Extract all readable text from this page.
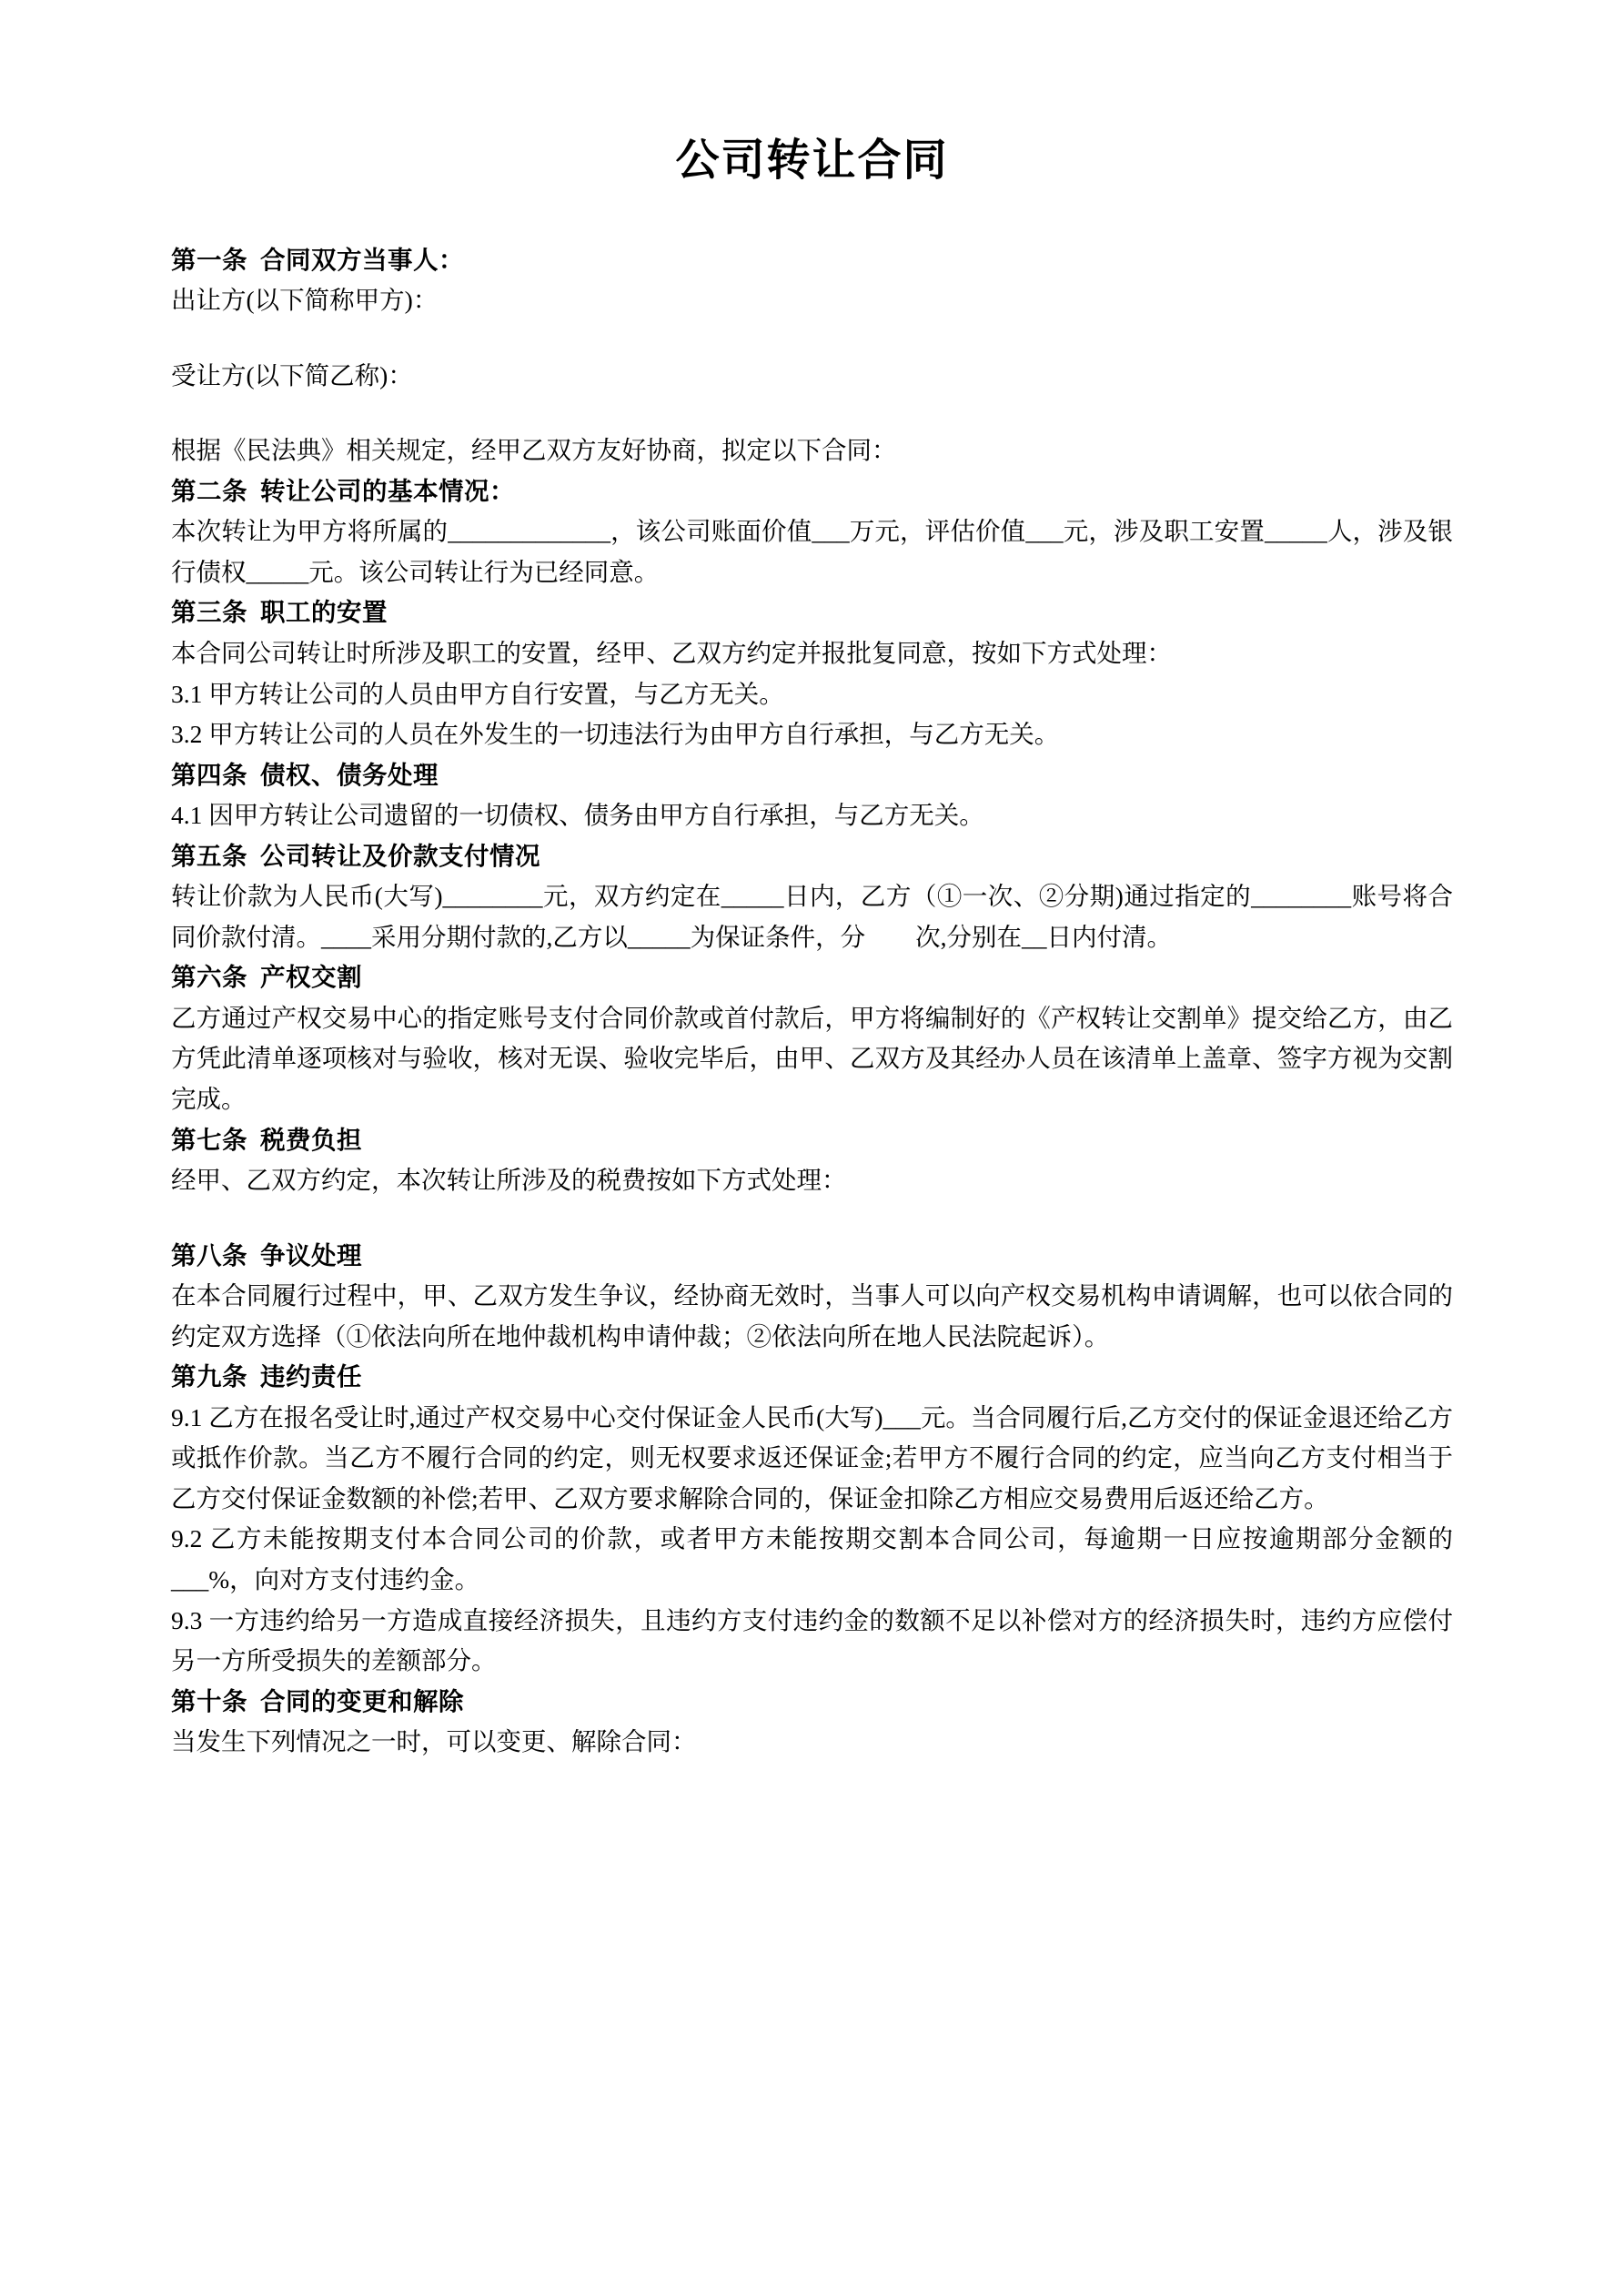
公司转让合同

第一条 合同双方当事人：

出让方(以下简称甲方)：

受让方(以下简乙称)：

根据《民法典》相关规定，经甲乙双方友好协商，拟定以下合同：

第二条 转让公司的基本情况：

本次转让为甲方将所属的_____________，该公司账面价值___万元，评估价值___元，涉及职工安置_____人，涉及银行债权_____元。该公司转让行为已经同意。

第三条 职工的安置

本合同公司转让时所涉及职工的安置，经甲、乙双方约定并报批复同意，按如下方式处理：

3.1 甲方转让公司的人员由甲方自行安置，与乙方无关。

3.2 甲方转让公司的人员在外发生的一切违法行为由甲方自行承担，与乙方无关。

第四条 债权、债务处理

4.1 因甲方转让公司遗留的一切债权、债务由甲方自行承担，与乙方无关。

第五条 公司转让及价款支付情况

转让价款为人民币(大写)________元，双方约定在_____日内，乙方（①一次、②分期)通过指定的________账号将合同价款付清。____采用分期付款的,乙方以_____为保证条件，分　　次,分别在__日内付清。

第六条 产权交割

乙方通过产权交易中心的指定账号支付合同价款或首付款后，甲方将编制好的《产权转让交割单》提交给乙方，由乙方凭此清单逐项核对与验收，核对无误、验收完毕后，由甲、乙双方及其经办人员在该清单上盖章、签字方视为交割完成。

第七条 税费负担

经甲、乙双方约定，本次转让所涉及的税费按如下方式处理：

第八条 争议处理

在本合同履行过程中，甲、乙双方发生争议，经协商无效时，当事人可以向产权交易机构申请调解，也可以依合同的约定双方选择（①依法向所在地仲裁机构申请仲裁；②依法向所在地人民法院起诉）。

第九条 违约责任

9.1 乙方在报名受让时,通过产权交易中心交付保证金人民币(大写)___元。当合同履行后,乙方交付的保证金退还给乙方或抵作价款。当乙方不履行合同的约定，则无权要求返还保证金;若甲方不履行合同的约定，应当向乙方支付相当于乙方交付保证金数额的补偿;若甲、乙双方要求解除合同的，保证金扣除乙方相应交易费用后返还给乙方。

9.2 乙方未能按期支付本合同公司的价款，或者甲方未能按期交割本合同公司，每逾期一日应按逾期部分金额的___%，向对方支付违约金。

9.3 一方违约给另一方造成直接经济损失，且违约方支付违约金的数额不足以补偿对方的经济损失时，违约方应偿付另一方所受损失的差额部分。

第十条 合同的变更和解除

当发生下列情况之一时，可以变更、解除合同：
